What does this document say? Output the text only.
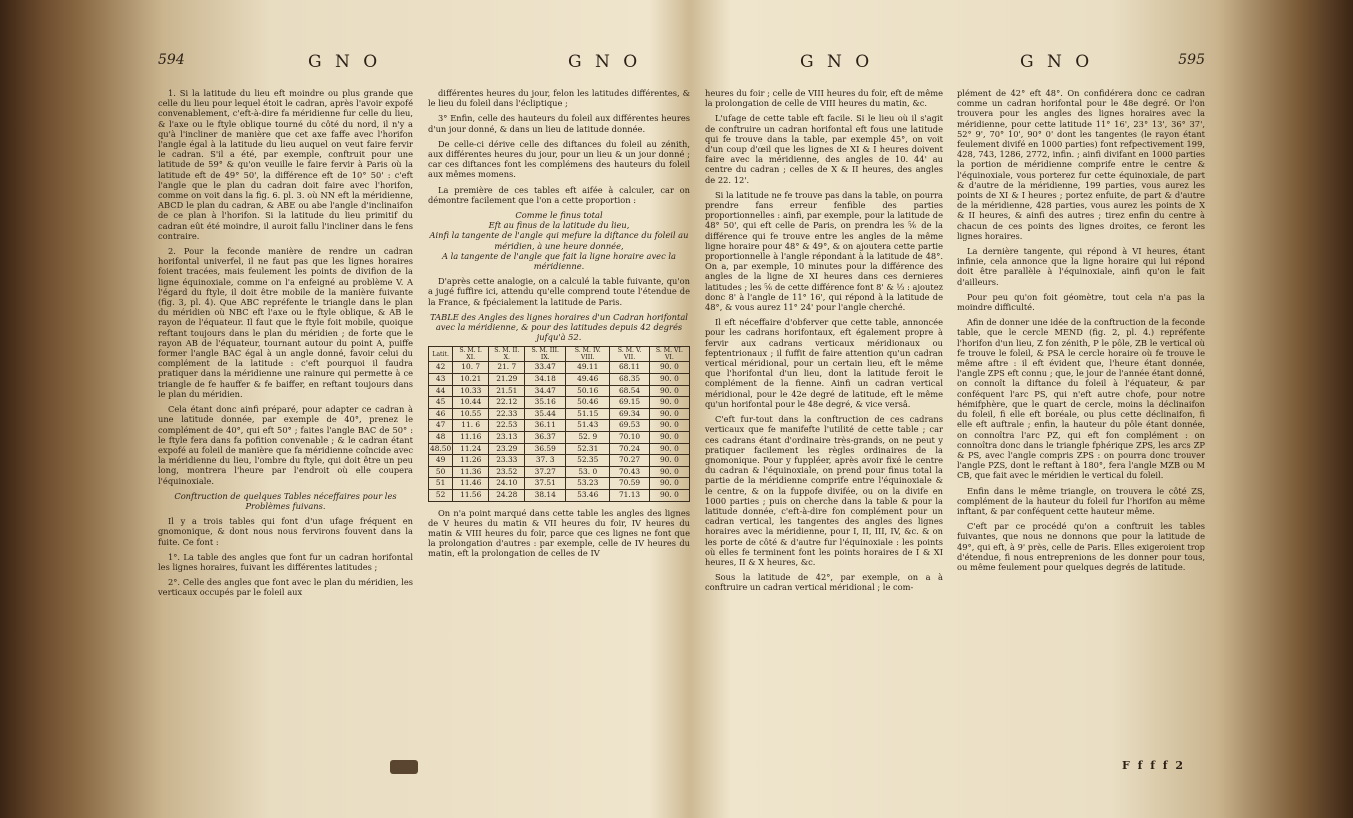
594	G N O	G N O

1. Si la latitude du lieu eft moindre ou plus grande que celle du lieu pour lequel étoit le cadran, après l'avoir expofé convenablement, c'eft-à-dire fa méridienne fur celle du lieu, & l'axe ou le ftyle oblique tourné du côté du nord, il n'y a qu'à l'incliner de manière que cet axe faffe avec l'horifon l'angle égal à la latitude du lieu auquel on veut faire fervir le cadran. S'il a été, par exemple, conftruit pour une latitude de 59° & qu'on veuille le faire fervir à Paris où la latitude eft de 49° 50', la différence eft de 10° 50' : c'eft l'angle que le plan du cadran doit faire avec l'horifon, comme on voit dans la fig. 6. pl. 3. où NN eft la méridienne, ABCD le plan du cadran, & ABE ou abe l'angle d'inclinaifon de ce plan à l'horifon. Si la latitude du lieu primitif du cadran eût été moindre, il auroit fallu l'incliner dans le fens contraire.

2. Pour la feconde manière de rendre un cadran horifontal univerfel, il ne faut pas que les lignes horaires foient tracées, mais feulement les points de divifion de la ligne équinoxiale, comme on l'a enfeigné au problème V. A l'égard du ftyle, il doit être mobile de la manière fuivante (fig. 3, pl. 4). Que ABC repréfente le triangle dans le plan du méridien où NBC eft l'axe ou le ftyle oblique, & AB le rayon de l'équateur. Il faut que le ftyle foit mobile, quoique reftant toujours dans le plan du méridien ; de forte que le rayon AB de l'équateur, tournant autour du point A, puiffe former l'angle BAC égal à un angle donné, favoir celui du complément de la latitude : c'eft pourquoi il faudra pratiquer dans la méridienne une rainure qui permette à ce triangle de fe hauffer & fe baiffer, en reftant toujours dans le plan du méridien.

Cela étant donc ainfi préparé, pour adapter ce cadran à une latitude donnée, par exemple de 40°, prenez le complément de 40°, qui eft 50° ; faites l'angle BAC de 50° : le ftyle fera dans fa pofition convenable ; & le cadran étant expofé au foleil de manière que fa méridienne coïncide avec la méridienne du lieu, l'ombre du ftyle, qui doit être un peu long, montrera l'heure par l'endroit où elle coupera l'équinoxiale.

Conftruction de quelques Tables néceffaires pour les Problèmes fuivans.

Il y a trois tables qui font d'un ufage fréquent en gnomonique, & dont nous nous fervirons fouvent dans la fuite. Ce font :

1°. La table des angles que font fur un cadran horifontal les lignes horaires, fuivant les différentes latitudes ;

2°. Celle des angles que font avec le plan du méridien, les verticaux occupés par le foleil aux

différentes heures du jour, felon les latitudes différentes, & le lieu du foleil dans l'écliptique ;

3° Enfin, celle des hauteurs du foleil aux différentes heures d'un jour donné, & dans un lieu de latitude donnée.

De celle-ci dérive celle des diftances du foleil au zénith, aux différentes heures du jour, pour un lieu & un jour donné ; car ces diftances font les complémens des hauteurs du foleil aux mêmes momens.

La première de ces tables eft aifée à calculer, car on démontre facilement que l'on a cette proportion :

Comme le finus total

Eft au finus de la latitude du lieu,

Ainfi la tangente de l'angle qui mefure la diftance du foleil au méridien, à une heure donnée,

A la tangente de l'angle que fait la ligne horaire avec la méridienne.

D'après cette analogie, on a calculé la table fuivante, qu'on a jugé fuffire ici, attendu qu'elle comprend toute l'étendue de la France, & fpécialement la latitude de Paris.

TABLE des Angles des lignes horaires d'un Cadran horifontal avec la méridienne, & pour des latitudes depuis 42 degrés jufqu'à 52.

Latit.	S. M. I. XI.	S. M. II. X.	S. M. III. IX.	S. M. IV. VIII.	S. M. V. VII.	S. M. VI. VI.
42	10. 7	21. 7	33.47	49.11	68.11	90. 0
43	10.21	21.29	34.18	49.46	68.35	90. 0
44	10.33	21.51	34.47	50.16	68.54	90. 0
45	10.44	22.12	35.16	50.46	69.15	90. 0
46	10.55	22.33	35.44	51.15	69.34	90. 0
47	11. 6	22.53	36.11	51.43	69.53	90. 0
48	11.16	23.13	36.37	52. 9	70.10	90. 0
48.50	11.24	23.29	36.59	52.31	70.24	90. 0
49	11.26	23.33	37. 3	52.35	70.27	90. 0
50	11.36	23.52	37.27	53. 0	70.43	90. 0
51	11.46	24.10	37.51	53.23	70.59	90. 0
52	11.56	24.28	38.14	53.46	71.13	90. 0

On n'a point marqué dans cette table les angles des lignes de V heures du matin & VII heures du foir, IV heures du matin & VIII heures du foir, parce que ces lignes ne font que la prolongation d'autres : par exemple, celle de IV heures du matin, eft la prolongation de celles de IV

G N O	G N O	595

heures du foir ; celle de VIII heures du foir, eft de même la prolongation de celle de VIII heures du matin, &c.

L'ufage de cette table eft facile. Si le lieu où il s'agit de conftruire un cadran horifontal eft fous une latitude qui fe trouve dans la table, par exemple 45°, on voit d'un coup d'œil que les lignes de XI & I heures doivent faire avec la méridienne, des angles de 10. 44' au centre du cadran ; celles de X & II heures, des angles de 22. 12'.

Si la latitude ne fe trouve pas dans la table, on pourra prendre fans erreur fenfible des parties proportionnelles : ainfi, par exemple, pour la latitude de 48° 50', qui eft celle de Paris, on prendra les ⅚ de la différence qui fe trouve entre les angles de la même ligne horaire pour 48° & 49°, & on ajoutera cette partie proportionnelle à l'angle répondant à la latitude de 48°. On a, par exemple, 10 minutes pour la différence des angles de la ligne de XI heures dans ces dernieres latitudes ; les ⅚ de cette différence font 8' & ⅓ : ajoutez donc 8' à l'angle de 11° 16', qui répond à la latitude de 48°, & vous aurez 11° 24' pour l'angle cherché.

Il eft néceffaire d'obferver que cette table, annoncée pour les cadrans horifontaux, eft également propre à fervir aux cadrans verticaux méridionaux ou feptentrionaux ; il fuffit de faire attention qu'un cadran vertical méridional, pour un certain lieu, eft le même que l'horifontal d'un lieu, dont la latitude feroit le complément de la fienne. Ainfi un cadran vertical méridional, pour le 42e degré de latitude, eft le même qu'un horifontal pour le 48e degré, & vice versâ.

C'eft fur-tout dans la conftruction de ces cadrans verticaux que fe manifefte l'utilité de cette table ; car ces cadrans étant d'ordinaire très-grands, on ne peut y pratiquer facilement les règles ordinaires de la gnomonique. Pour y fuppléer, après avoir fixé le centre du cadran & l'équinoxiale, on prend pour finus total la partie de la méridienne comprife entre l'équinoxiale & le centre, & on la fuppofe divifée, ou on la divife en 1000 parties ; puis on cherche dans la table & pour la latitude donnée, c'eft-à-dire fon complément pour un cadran vertical, les tangentes des angles des lignes horaires avec la méridienne, pour I, II, III, IV, &c. & on les porte de côté & d'autre fur l'équinoxiale : les points où elles fe terminent font les points horaires de I & XI heures, II & X heures, &c.

Sous la latitude de 42°, par exemple, on a à conftruire un cadran vertical méridional ; le com-

plément de 42° eft 48°. On confidérera donc ce cadran comme un cadran horifontal pour le 48e degré. Or l'on trouvera pour les angles des lignes horaires avec la méridienne, pour cette latitude 11° 16', 23° 13', 36° 37', 52° 9', 70° 10', 90° 0' dont les tangentes (le rayon étant feulement divifé en 1000 parties) font refpectivement 199, 428, 743, 1286, 2772, infin. ; ainfi divifant en 1000 parties la portion de méridienne comprife entre le centre & l'équinoxiale, vous porterez fur cette équinoxiale, de part & d'autre de la méridienne, 199 parties, vous aurez les points de XI & I heures ; portez enfuite, de part & d'autre de la méridienne, 428 parties, vous aurez les points de X & II heures, & ainfi des autres ; tirez enfin du centre à chacun de ces points des lignes droites, ce feront les lignes horaires.

La dernière tangente, qui répond à VI heures, étant infinie, cela annonce que la ligne horaire qui lui répond doit être parallèle à l'équinoxiale, ainfi qu'on le fait d'ailleurs.

Pour peu qu'on foit géomètre, tout cela n'a pas la moindre difficulté.

Afin de donner une idée de la conftruction de la feconde table, que le cercle MEND (fig. 2, pl. 4.) repréfente l'horifon d'un lieu, Z fon zénith, P le pôle, ZB le vertical où fe trouve le foleil, & PSA le cercle horaire où fe trouve le même aftre : il eft évident que, l'heure étant donnée, l'angle ZPS eft connu ; que, le jour de l'année étant donné, on connoît la diftance du foleil à l'équateur, & par conféquent l'arc PS, qui n'eft autre chofe, pour notre hémifphère, que le quart de cercle, moins la déclinaifon du foleil, fi elle eft boréale, ou plus cette déclinaifon, fi elle eft auftrale ; enfin, la hauteur du pôle étant donnée, on connoîtra l'arc PZ, qui eft fon complément : on connoîtra donc dans le triangle fphérique ZPS, les arcs ZP & PS, avec l'angle compris ZPS : on pourra donc trouver l'angle PZS, dont le reftant à 180°, fera l'angle MZB ou M CB, que fait avec le méridien le vertical du foleil.

Enfin dans le même triangle, on trouvera le côté ZS, complément de la hauteur du foleil fur l'horifon au même inftant, & par conféquent cette hauteur même.

C'eft par ce procédé qu'on a conftruit les tables fuivantes, que nous ne donnons que pour la latitude de 49°, qui eft, à 9' près, celle de Paris. Elles exigeroient trop d'étendue, fi nous entreprenions de les donner pour tous, ou même feulement pour quelques degrés de latitude.

F f f f 2
